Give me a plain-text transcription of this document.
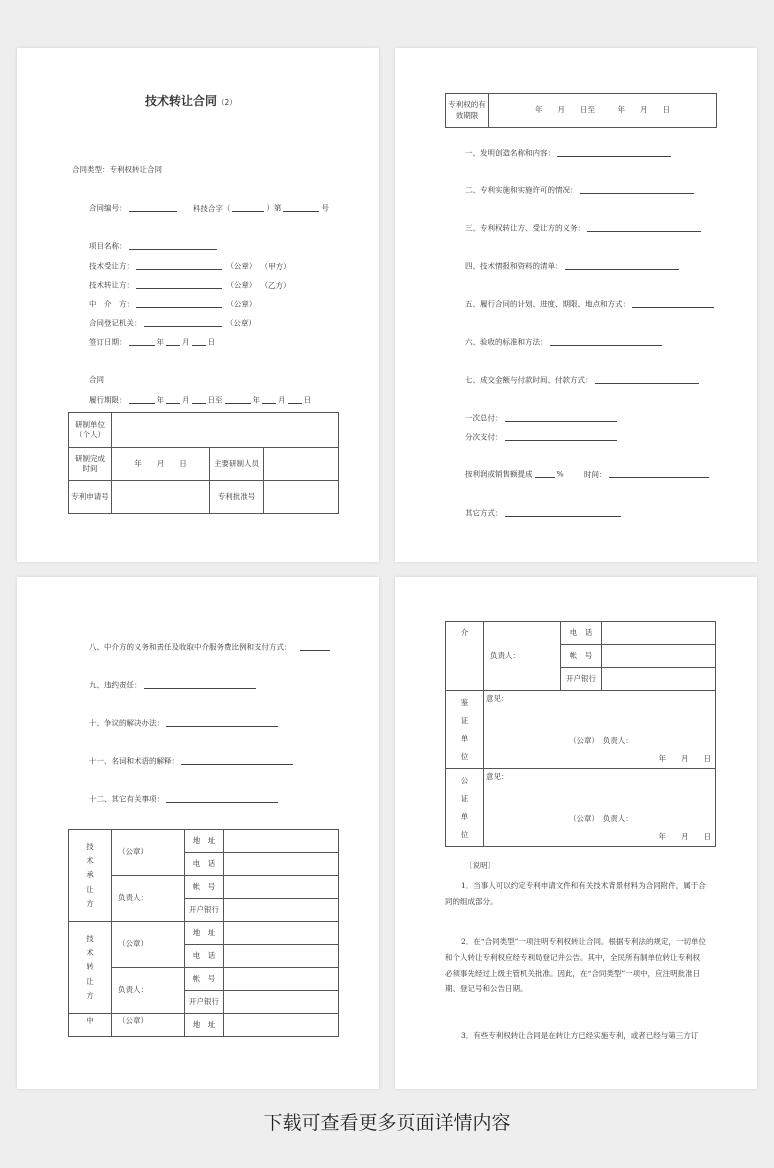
技术转让合同（2）
合同类型：专利权转让合同
合同编号：	科技合字（	）第	号
项目名称：
技术受让方：	（公章） （甲方）
技术转让方：	（公章） （乙方）
中　介　方：	（公章）
合同登记机关：	（公章）
签订日期：	年 月 日
合同
履行期限：	年 月 日至	年 月 日
研制单位（个人）			

研制完成时间	年　　月　　日	主要研制人员	
专利申请号		专利批准号	
专利权的有效期限
	年　　月　　日至　　　年　　月　　日
一、发明创造名称和内容：
二、专利实施和实施许可的情况：
三、专利权转让方、受让方的义务：
四、技术情报和资料的清单：
五、履行合同的计划、进度、期限、地点和方式：
六、验收的标准和方法：
七、成交金额与付款时间、付款方式：
一次总付：
分次支付：
按利润或销售额提成	%	时间：
其它方式：
八、中介方的义务和责任及收取中介服务费比例和支付方式：
九、违约责任：
十、争议的解决办法：
十一、名词和术语的解释：
十二、其它有关事项：
技术承让方	（公章）	地　址	
		电　话	
	负责人：	帐　号	
		开户银行	

技术转让方	（公章）	地　址	
		电　话	
	负责人：	帐　号	
		开户银行	
中	（公章）	地　址	
介	负责人：	电　话	
		帐　号	
		开户银行	

鉴证单位	意见：
（公章）　负责人：
年　　月　　日		

公证单位	意见：
（公章）　负责人：
年　　月　　日		
〔说明〕
1．当事人可以约定专利申请文件和有关技术背景材料为合同附件，属于合同的组成部分。
2．在“合同类型”一项注明专利权转让合同。根据专利法的规定，一切单位和个人转让专利权应经专利局登记并公告。其中，全民所有制单位转让专利权必须事先经过上级主管机关批准。因此，在“合同类型”一项中，应注明批准日期、登记号和公告日期。
3．有些专利权转让合同是在转让方已经实施专利，或者已经与第三方订
下载可查看更多页面详情内容
